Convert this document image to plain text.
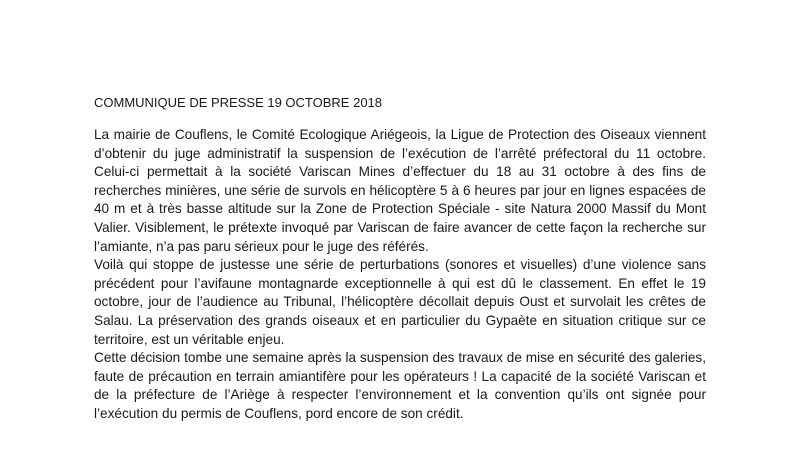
COMMUNIQUE DE PRESSE 19 OCTOBRE 2018
La mairie de Couflens, le Comité Ecologique Ariégeois, la Ligue de Protection des Oiseaux viennent
d’obtenir du juge administratif la suspension de l’exécution de l’arrêté préfectoral du 11 octobre.
Celui-ci permettait à la société Variscan Mines d’effectuer du 18 au 31 octobre à des fins de
recherches minières, une série de survols en hélicoptère 5 à 6 heures par jour en lignes espacées de
40 m et à très basse altitude sur la Zone de Protection Spéciale - site Natura 2000 Massif du Mont
Valier. Visiblement, le prétexte invoqué par Variscan de faire avancer de cette façon la recherche sur
l’amiante, n’a pas paru sérieux pour le juge des référés.
Voilà qui stoppe de justesse une série de perturbations (sonores et visuelles) d’une violence sans
précédent pour l’avifaune montagnarde exceptionnelle à qui est dû le classement. En effet le 19
octobre, jour de l’audience au Tribunal, l’hélicoptère décollait depuis Oust et survolait les crêtes de
Salau. La préservation des grands oiseaux et en particulier du Gypaète en situation critique sur ce
territoire, est un véritable enjeu.
Cette décision tombe une semaine après la suspension des travaux de mise en sécurité des galeries,
faute de précaution en terrain amiantifère pour les opérateurs ! La capacité de la société Variscan et
de la préfecture de l’Ariège à respecter l’environnement et la convention qu’ils ont signée pour
l’exécution du permis de Couflens, pord encore de son crédit.
